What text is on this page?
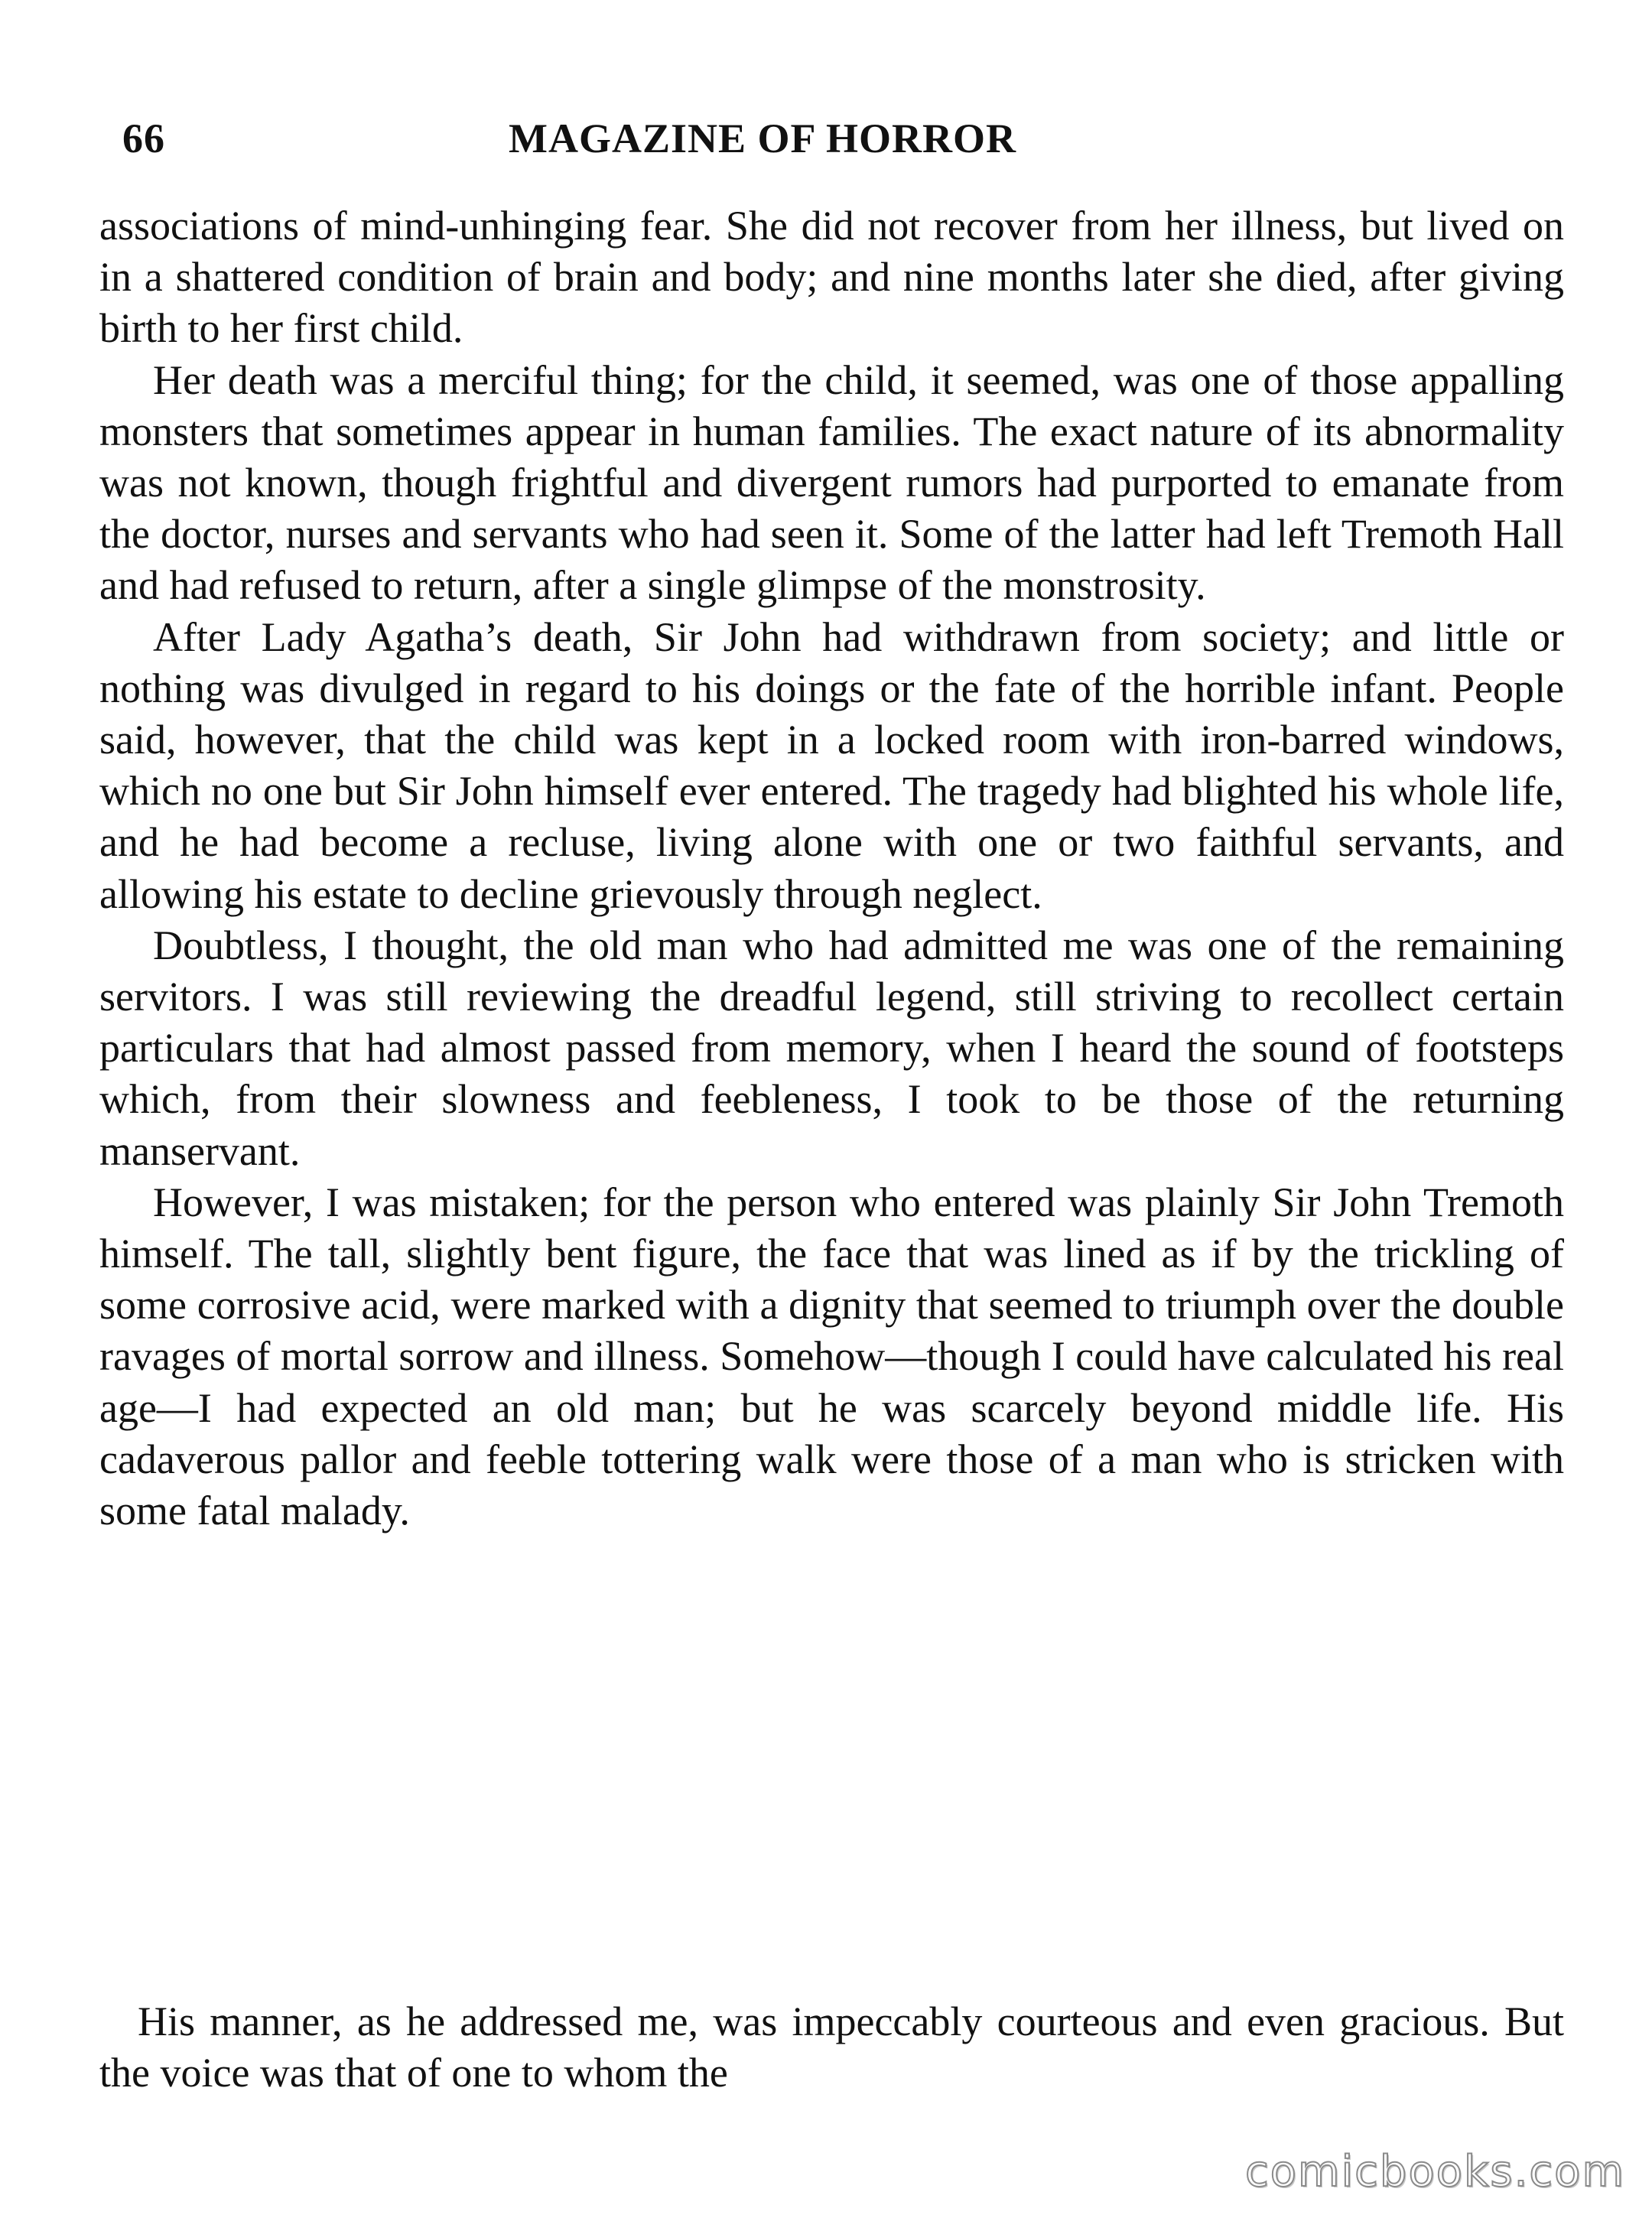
66	MAGAZINE OF HORROR

associations of mind-unhinging fear. She did not recover from her illness, but lived on in a shattered condition of brain and body; and nine months later she died, after giving birth to her first child.

Her death was a merciful thing; for the child, it seemed, was one of those appalling monsters that sometimes appear in human families. The exact nature of its abnormality was not known, though frightful and divergent rumors had purported to emanate from the doctor, nurses and servants who had seen it. Some of the latter had left Tremoth Hall and had refused to return, after a single glimpse of the monstrosity.

After Lady Agatha’s death, Sir John had withdrawn from society; and little or nothing was divulged in regard to his doings or the fate of the horrible infant. People said, however, that the child was kept in a locked room with iron-barred windows, which no one but Sir John himself ever entered. The tragedy had blighted his whole life, and he had become a recluse, living alone with one or two faithful servants, and allowing his estate to decline grievously through neglect.

Doubtless, I thought, the old man who had admitted me was one of the remaining servitors. I was still reviewing the dreadful legend, still striving to recollect certain particulars that had almost passed from memory, when I heard the sound of footsteps which, from their slowness and feebleness, I took to be those of the returning manservant.

However, I was mistaken; for the person who entered was plainly Sir John Tremoth himself. The tall, slightly bent figure, the face that was lined as if by the trickling of some corrosive acid, were marked with a dignity that seemed to triumph over the double ravages of mortal sorrow and illness. Somehow—though I could have calculated his real age—I had expected an old man; but he was scarcely beyond middle life. His cadaverous pallor and feeble tottering walk were those of a man who is stricken with some fatal malady.

His manner, as he addressed me, was impeccably courteous and even gracious. But the voice was that of one to whom the

comicbooks.com
